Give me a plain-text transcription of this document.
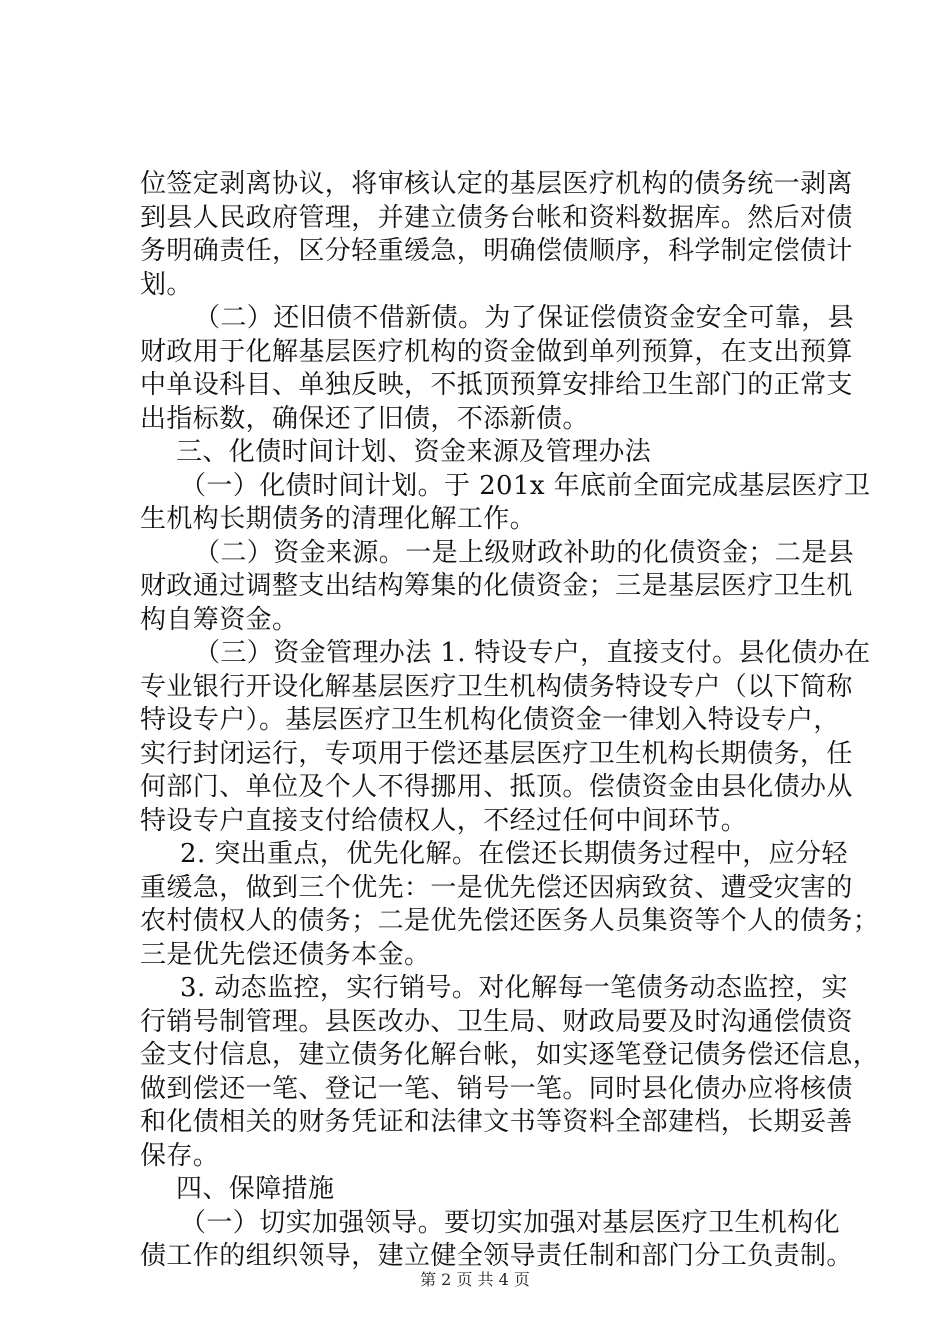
位签定剥离协议，将审核认定的基层医疗机构的债务统一剥离
到县人民政府管理，并建立债务台帐和资料数据库。然后对债
务明确责任，区分轻重缓急，明确偿债顺序，科学制定偿债计
划。
（二）还旧债不借新债。为了保证偿债资金安全可靠，县
财政用于化解基层医疗机构的资金做到单列预算，在支出预算
中单设科目、单独反映，不抵顶预算安排给卫生部门的正常支
出指标数，确保还了旧债，不添新债。
三、化债时间计划、资金来源及管理办法
（一）化债时间计划。于 201x 年底前全面完成基层医疗卫
生机构长期债务的清理化解工作。
（二）资金来源。一是上级财政补助的化债资金；二是县
财政通过调整支出结构筹集的化债资金；三是基层医疗卫生机
构自筹资金。
（三）资金管理办法 1. 特设专户，直接支付。县化债办在
专业银行开设化解基层医疗卫生机构债务特设专户（以下简称
特设专户）。基层医疗卫生机构化债资金一律划入特设专户，
实行封闭运行，专项用于偿还基层医疗卫生机构长期债务，任
何部门、单位及个人不得挪用、抵顶。偿债资金由县化债办从
特设专户直接支付给债权人，不经过任何中间环节。
2. 突出重点，优先化解。在偿还长期债务过程中，应分轻
重缓急，做到三个优先：一是优先偿还因病致贫、遭受灾害的
农村债权人的债务；二是优先偿还医务人员集资等个人的债务；
三是优先偿还债务本金。
3. 动态监控，实行销号。对化解每一笔债务动态监控，实
行销号制管理。县医改办、卫生局、财政局要及时沟通偿债资
金支付信息，建立债务化解台帐，如实逐笔登记债务偿还信息，
做到偿还一笔、登记一笔、销号一笔。同时县化债办应将核债
和化债相关的财务凭证和法律文书等资料全部建档，长期妥善
保存。
四、保障措施
（一）切实加强领导。要切实加强对基层医疗卫生机构化
债工作的组织领导，建立健全领导责任制和部门分工负责制。
第 2 页 共 4 页
